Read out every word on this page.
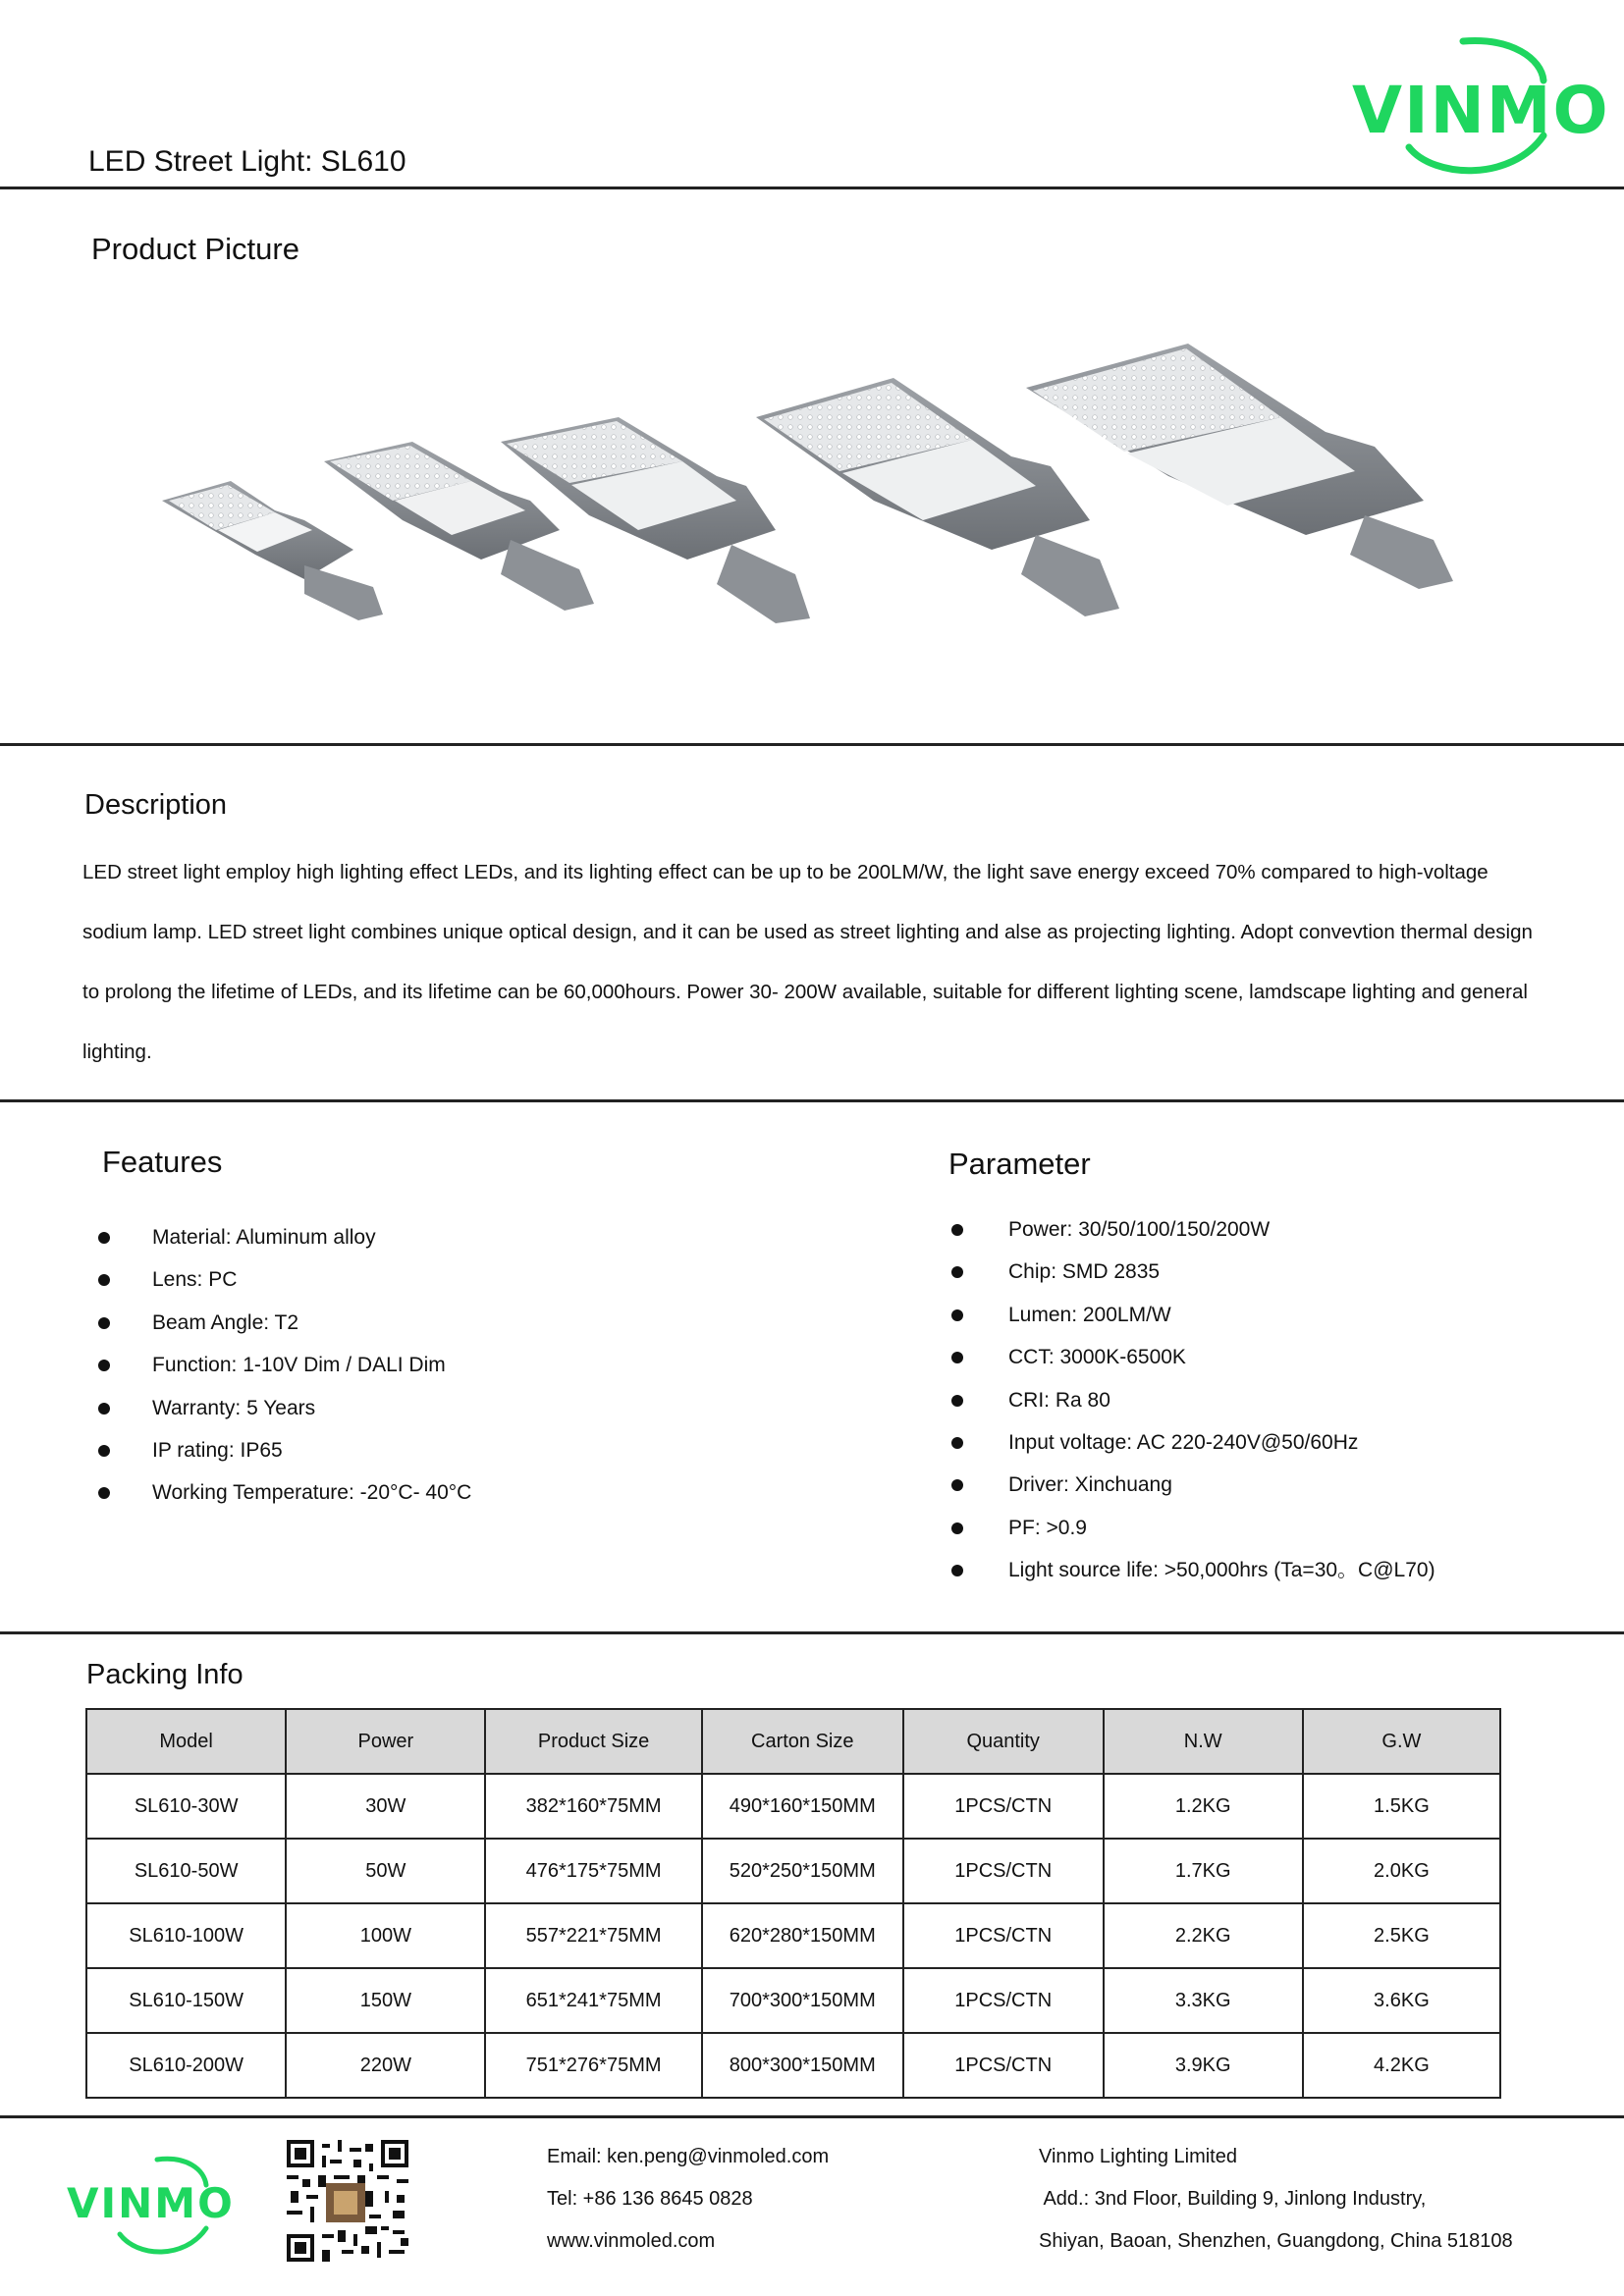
VINMO
LED Street Light: SL610
Product Picture
Description

LED street light employ high lighting effect LEDs, and its lighting effect can be up to be 200LM/W, the light save energy exceed 70% compared to high-voltage sodium lamp. LED street light combines unique optical design, and it can be used as street lighting and alse as projecting lighting. Adopt convevtion thermal design to prolong the lifetime of LEDs, and its lifetime can be 60,000hours. Power 30- 200W available, suitable for different lighting scene, lamdscape lighting and general lighting.

Features
Material: Aluminum alloy
Lens: PC
Beam Angle: T2
Function: 1-10V Dim / DALI Dim
Warranty: 5 Years
IP rating: IP65
Working Temperature: -20°C- 40°C
Parameter
Power: 30/50/100/150/200W
Chip: SMD 2835
Lumen: 200LM/W
CCT: 3000K-6500K
CRI: Ra 80
Input voltage: AC 220-240V@50/60Hz
Driver: Xinchuang
PF: >0.9
Light source life: >50,000hrs (Ta=30。C@L70)
Packing Info
Model	Power	Product Size	Carton Size	Quantity	N.W	G.W
SL610-30W	30W	382*160*75MM	490*160*150MM	1PCS/CTN	1.2KG	1.5KG
SL610-50W	50W	476*175*75MM	520*250*150MM	1PCS/CTN	1.7KG	2.0KG
SL610-100W	100W	557*221*75MM	620*280*150MM	1PCS/CTN	2.2KG	2.5KG
SL610-150W	150W	651*241*75MM	700*300*150MM	1PCS/CTN	3.3KG	3.6KG
SL610-200W	220W	751*276*75MM	800*300*150MM	1PCS/CTN	3.9KG	4.2KG
VINMO
Email: ken.peng@vinmoled.com
Tel: +86 136 8645 0828
www.vinmoled.com
Vinmo Lighting Limited
Add.: 3nd Floor, Building 9, Jinlong Industry,
Shiyan, Baoan, Shenzhen, Guangdong, China 518108
